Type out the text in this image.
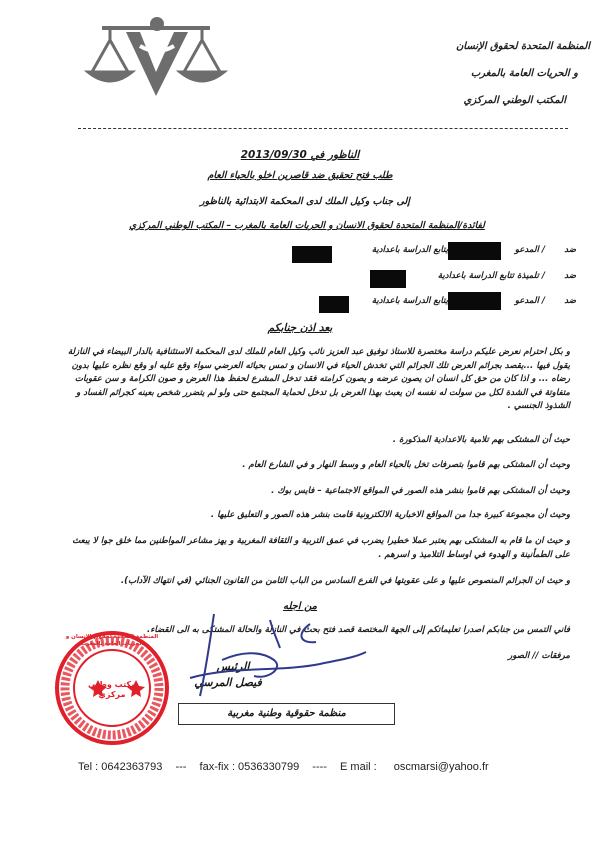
المنظمة المتحدة لحقوق الإنسان
و الحريات العامة بالمغرب
المكتب الوطني المركزي
الناظور في 2013/09/30
طلب فتح تحقيق ضد قاصرين اخلو بالحياء العام
إلى جناب وكيل الملك لدى المحكمة الابتدائية بالناظور
لفائدة/المنظمة المتحدة لحقوق الانسان و الحريات العامة بالمغرب – المكتب الوطني المركزي
ضد
/ المدعو
يتابع الدراسة باعدادية
ضد
/ تلميذة تتابع الدراسة باعدادية
ضد
/ المدعو
يتابع الدراسة باعدادية
بعد اذن جنابكم
و بكل احترام نعرض عليكم دراسة مختصرة للاستاذ توفيق عبد العزيز نائب وكيل العام للملك لدى المحكمة الاستئنافية بالدار البيضاء في النازلة يقول فيها ...يقصد بجرائم العرض تلك الجرائم التي تخدش الحياء في الانسان و تمس بحيائه العرضي سواء وقع عليه او وقع نظره عليها بدون رضاه ... و اذا كان من حق كل انسان ان يصون عرضه و يصون كرامته فقد تدخل المشرع لحفظ هذا العرض و صون الكرامة و سن عقوبات متفاوتة في الشدة لكل من سولت له نفسه ان يعبث بهذا العرض بل تدخل لحماية المجتمع حتى ولو لم يتضرر شخص بعينه كجرائم الفساد و الشذوذ الجنسي .
حيث أن المشتكى بهم تلامية بالاعدادية المذكورة .
وحيث أن المشتكى بهم قاموا بتصرفات تخل بالحياء العام و وسط النهار و في الشارع العام .
وحيث أن المشتكى بهم قاموا بنشر هذه الصور في المواقع الاجتماعية – فايس بوك .
وحيث أن مجموعة كبيرة جدا من المواقع الاخبارية الالكترونية قامت بنشر هذه الصور و التعليق عليها .
و حيث ان ما قام به المشتكى بهم يعتبر عملا خطيرا يضرب في عمق التربية و الثقافة المغربية و يهز مشاعر المواطنين مما خلق جوا لا يبعث على الطمأنينة و الهدوء في اوساط التلاميذ و اسرهم .
و حيث ان الجرائم المنصوص عليها و على عقوبتها في الفرع السادس من الباب الثامن من القانون الجنائي (في انتهاك الآداب).
من اجله
فاني التمس من جنابكم اصدرا تعليماتكم إلى الجهة المختصة قصد فتح بحث في النازلة والحالة المشتكى به الى القضاء.
مرفقات // الصور
مكتب وطني مركزي
المنظمة المتحدة لحقوق الانسان و الحريات العامة بالمغرب
الرئيس
فيصل المرسي
منظمة حقوقية وطنية مغربية
Tel : 0642363793 --- fax-fix : 0536330799 ---- E mail : oscmarsi@yahoo.fr
